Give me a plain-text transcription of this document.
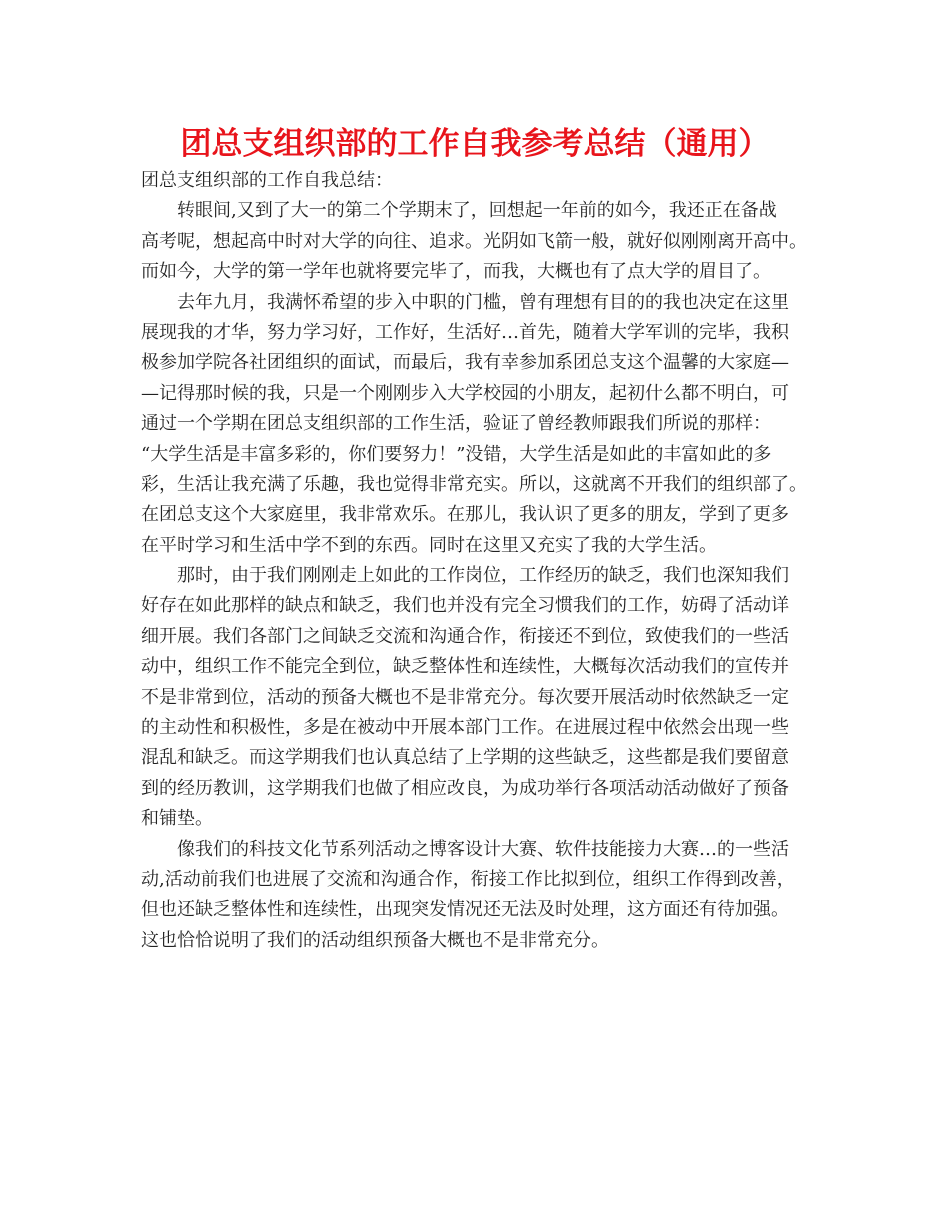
团总支组织部的工作自我参考总结（通用）
团总支组织部的工作自我总结：
转眼间,又到了大一的第二个学期末了，回想起一年前的如今，我还正在备战
高考呢，想起高中时对大学的向往、追求。光阴如飞箭一般，就好似刚刚离开高中。
而如今，大学的第一学年也就将要完毕了，而我，大概也有了点大学的眉目了。
去年九月，我满怀希望的步入中职的门槛，曾有理想有目的的我也决定在这里
展现我的才华，努力学习好，工作好，生活好…首先，随着大学军训的完毕，我积
极参加学院各社团组织的面试，而最后，我有幸参加系团总支这个温馨的大家庭—
—记得那时候的我，只是一个刚刚步入大学校园的小朋友，起初什么都不明白，可
通过一个学期在团总支组织部的工作生活，验证了曾经教师跟我们所说的那样：
“大学生活是丰富多彩的，你们要努力！”没错，大学生活是如此的丰富如此的多
彩，生活让我充满了乐趣，我也觉得非常充实。所以，这就离不开我们的组织部了。
在团总支这个大家庭里，我非常欢乐。在那儿，我认识了更多的朋友，学到了更多
在平时学习和生活中学不到的东西。同时在这里又充实了我的大学生活。
那时，由于我们刚刚走上如此的工作岗位，工作经历的缺乏，我们也深知我们
好存在如此那样的缺点和缺乏，我们也并没有完全习惯我们的工作，妨碍了活动详
细开展。我们各部门之间缺乏交流和沟通合作，衔接还不到位，致使我们的一些活
动中，组织工作不能完全到位，缺乏整体性和连续性，大概每次活动我们的宣传并
不是非常到位，活动的预备大概也不是非常充分。每次要开展活动时依然缺乏一定
的主动性和积极性，多是在被动中开展本部门工作。在进展过程中依然会出现一些
混乱和缺乏。而这学期我们也认真总结了上学期的这些缺乏，这些都是我们要留意
到的经历教训，这学期我们也做了相应改良，为成功举行各项活动活动做好了预备
和铺垫。
像我们的科技文化节系列活动之博客设计大赛、软件技能接力大赛…的一些活
动,活动前我们也进展了交流和沟通合作，衔接工作比拟到位，组织工作得到改善，
但也还缺乏整体性和连续性，出现突发情况还无法及时处理，这方面还有待加强。
这也恰恰说明了我们的活动组织预备大概也不是非常充分。
